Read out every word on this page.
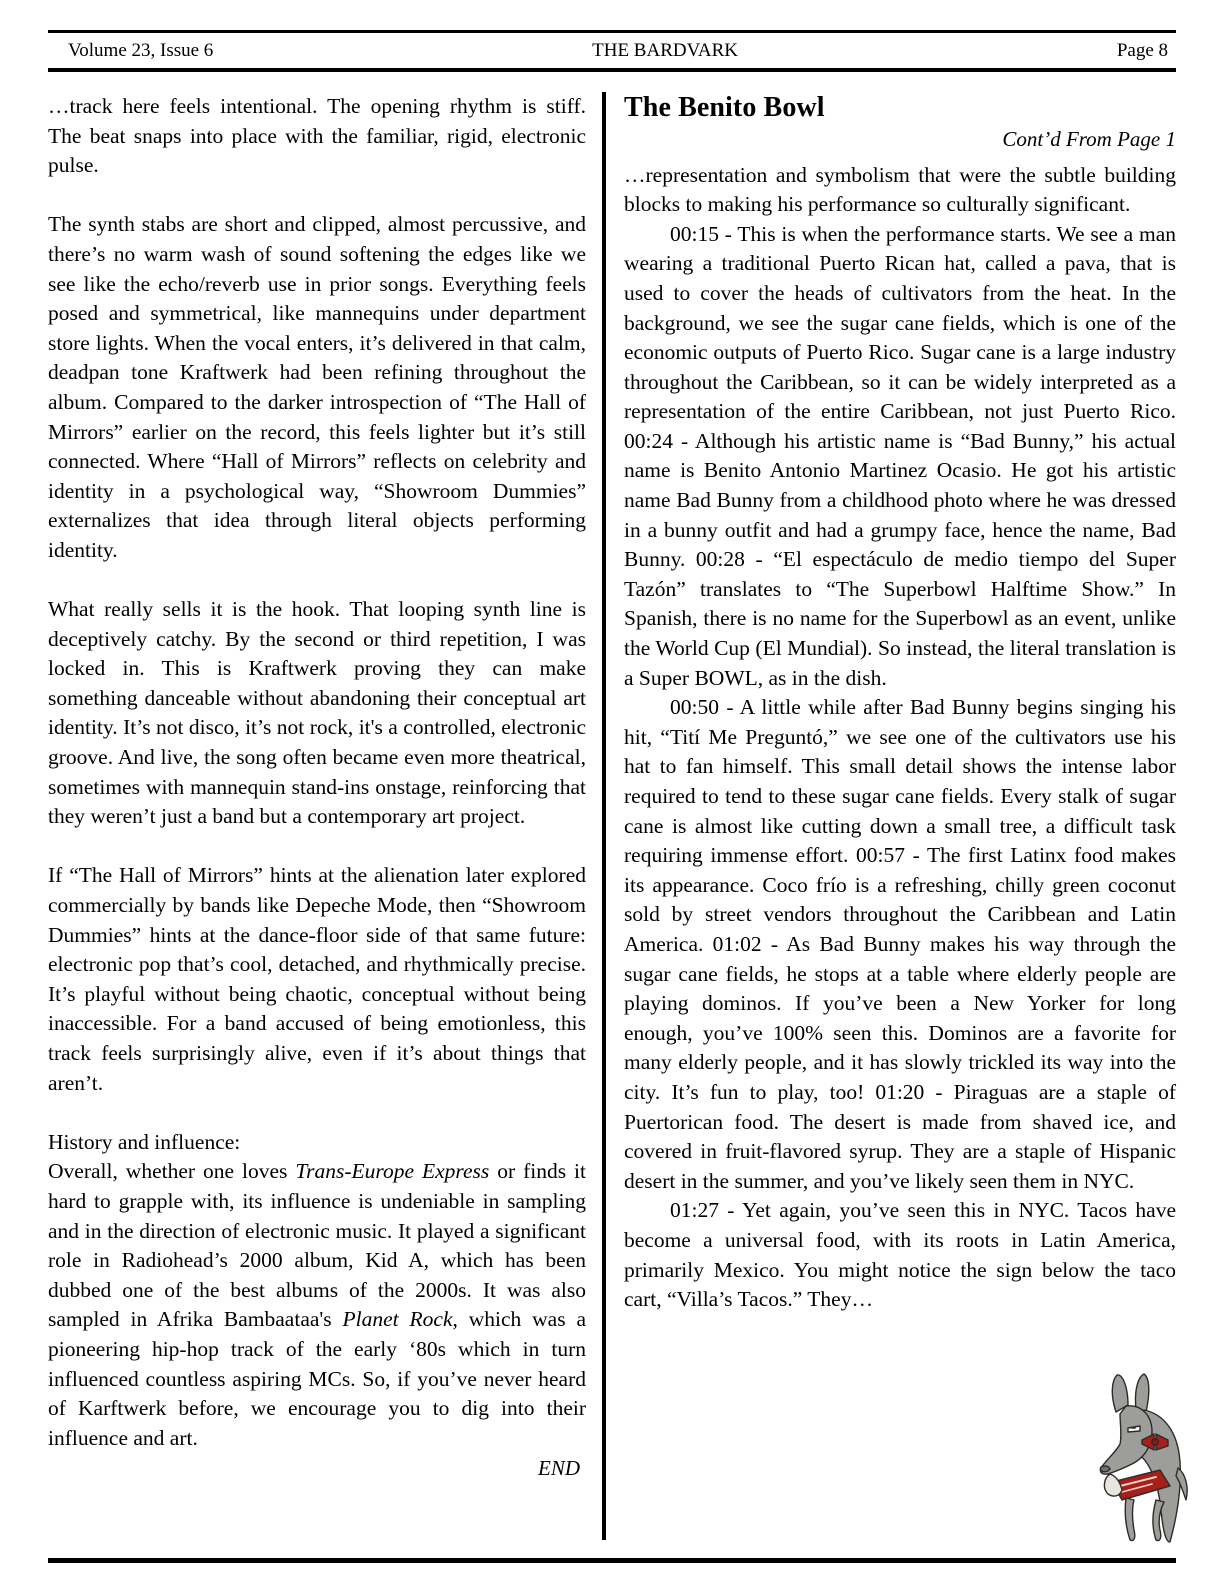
Volume 23, Issue 6	THE BARDVARK	Page 8

…track here feels intentional. The opening rhythm is stiff. The beat snaps into place with the familiar, rigid, electronic pulse.

The synth stabs are short and clipped, almost percussive, and there’s no warm wash of sound softening the edges like we see like the echo/reverb use in prior songs. Everything feels posed and symmetrical, like mannequins under department store lights. When the vocal enters, it’s delivered in that calm, deadpan tone Kraftwerk had been refining throughout the album. Compared to the darker introspection of “The Hall of Mirrors” earlier on the record, this feels lighter but it’s still connected. Where “Hall of Mirrors” reflects on celebrity and identity in a psychological way, “Showroom Dummies” externalizes that idea through literal objects performing identity.

What really sells it is the hook. That looping synth line is deceptively catchy. By the second or third repetition, I was locked in. This is Kraftwerk proving they can make something danceable without abandoning their conceptual art identity. It’s not disco, it’s not rock, it's a controlled, electronic groove. And live, the song often became even more theatrical, sometimes with mannequin stand-ins onstage, reinforcing that they weren’t just a band but a contemporary art project.

If “The Hall of Mirrors” hints at the alienation later explored commercially by bands like Depeche Mode, then “Showroom Dummies” hints at the dance-floor side of that same future: electronic pop that’s cool, detached, and rhythmically precise. It’s playful without being chaotic, conceptual without being inaccessible. For a band accused of being emotionless, this track feels surprisingly alive, even if it’s about things that aren’t.

History and influence:

Overall, whether one loves Trans-Europe Express or finds it hard to grapple with, its influence is undeniable in sampling and in the direction of electronic music. It played a significant role in Radiohead’s 2000 album, Kid A, which has been dubbed one of the best albums of the 2000s. It was also sampled in Afrika Bambaataa's Planet Rock, which was a pioneering hip-hop track of the early ‘80s which in turn influenced countless aspiring MCs. So, if you’ve never heard of Karftwerk before, we encourage you to dig into their influence and art.

END
The Benito Bowl
Cont’d From Page 1

…representation and symbolism that were the subtle building blocks to making his performance so culturally significant.

00:15 - This is when the performance starts. We see a man wearing a traditional Puerto Rican hat, called a pava, that is used to cover the heads of cultivators from the heat. In the background, we see the sugar cane fields, which is one of the economic outputs of Puerto Rico. Sugar cane is a large industry throughout the Caribbean, so it can be widely interpreted as a representation of the entire Caribbean, not just Puerto Rico. 00:24 - Although his artistic name is “Bad Bunny,” his actual name is Benito Antonio Martinez Ocasio. He got his artistic name Bad Bunny from a childhood photo where he was dressed in a bunny outfit and had a grumpy face, hence the name, Bad Bunny. 00:28 - “El espectáculo de medio tiempo del Super Tazón” translates to “The Superbowl Halftime Show.” In Spanish, there is no name for the Superbowl as an event, unlike the World Cup (El Mundial). So instead, the literal translation is a Super BOWL, as in the dish.

00:50 - A little while after Bad Bunny begins singing his hit, “Tití Me Preguntó,” we see one of the cultivators use his hat to fan himself. This small detail shows the intense labor required to tend to these sugar cane fields. Every stalk of sugar cane is almost like cutting down a small tree, a difficult task requiring immense effort. 00:57 - The first Latinx food makes its appearance. Coco frío is a refreshing, chilly green coconut sold by street vendors throughout the Caribbean and Latin America. 01:02 - As Bad Bunny makes his way through the sugar cane fields, he stops at a table where elderly people are playing dominos. If you’ve been a New Yorker for long enough, you’ve 100% seen this. Dominos are a favorite for many elderly people, and it has slowly trickled its way into the city. It’s fun to play, too! 01:20 - Piraguas are a staple of Puertorican food. The desert is made from shaved ice, and covered in fruit-flavored syrup. They are a staple of Hispanic desert in the summer, and you’ve likely seen them in NYC.

01:27 - Yet again, you’ve seen this in NYC. Tacos have become a universal food, with its roots in Latin America, primarily Mexico. You might notice the sign below the taco cart, “Villa’s Tacos.” They…
